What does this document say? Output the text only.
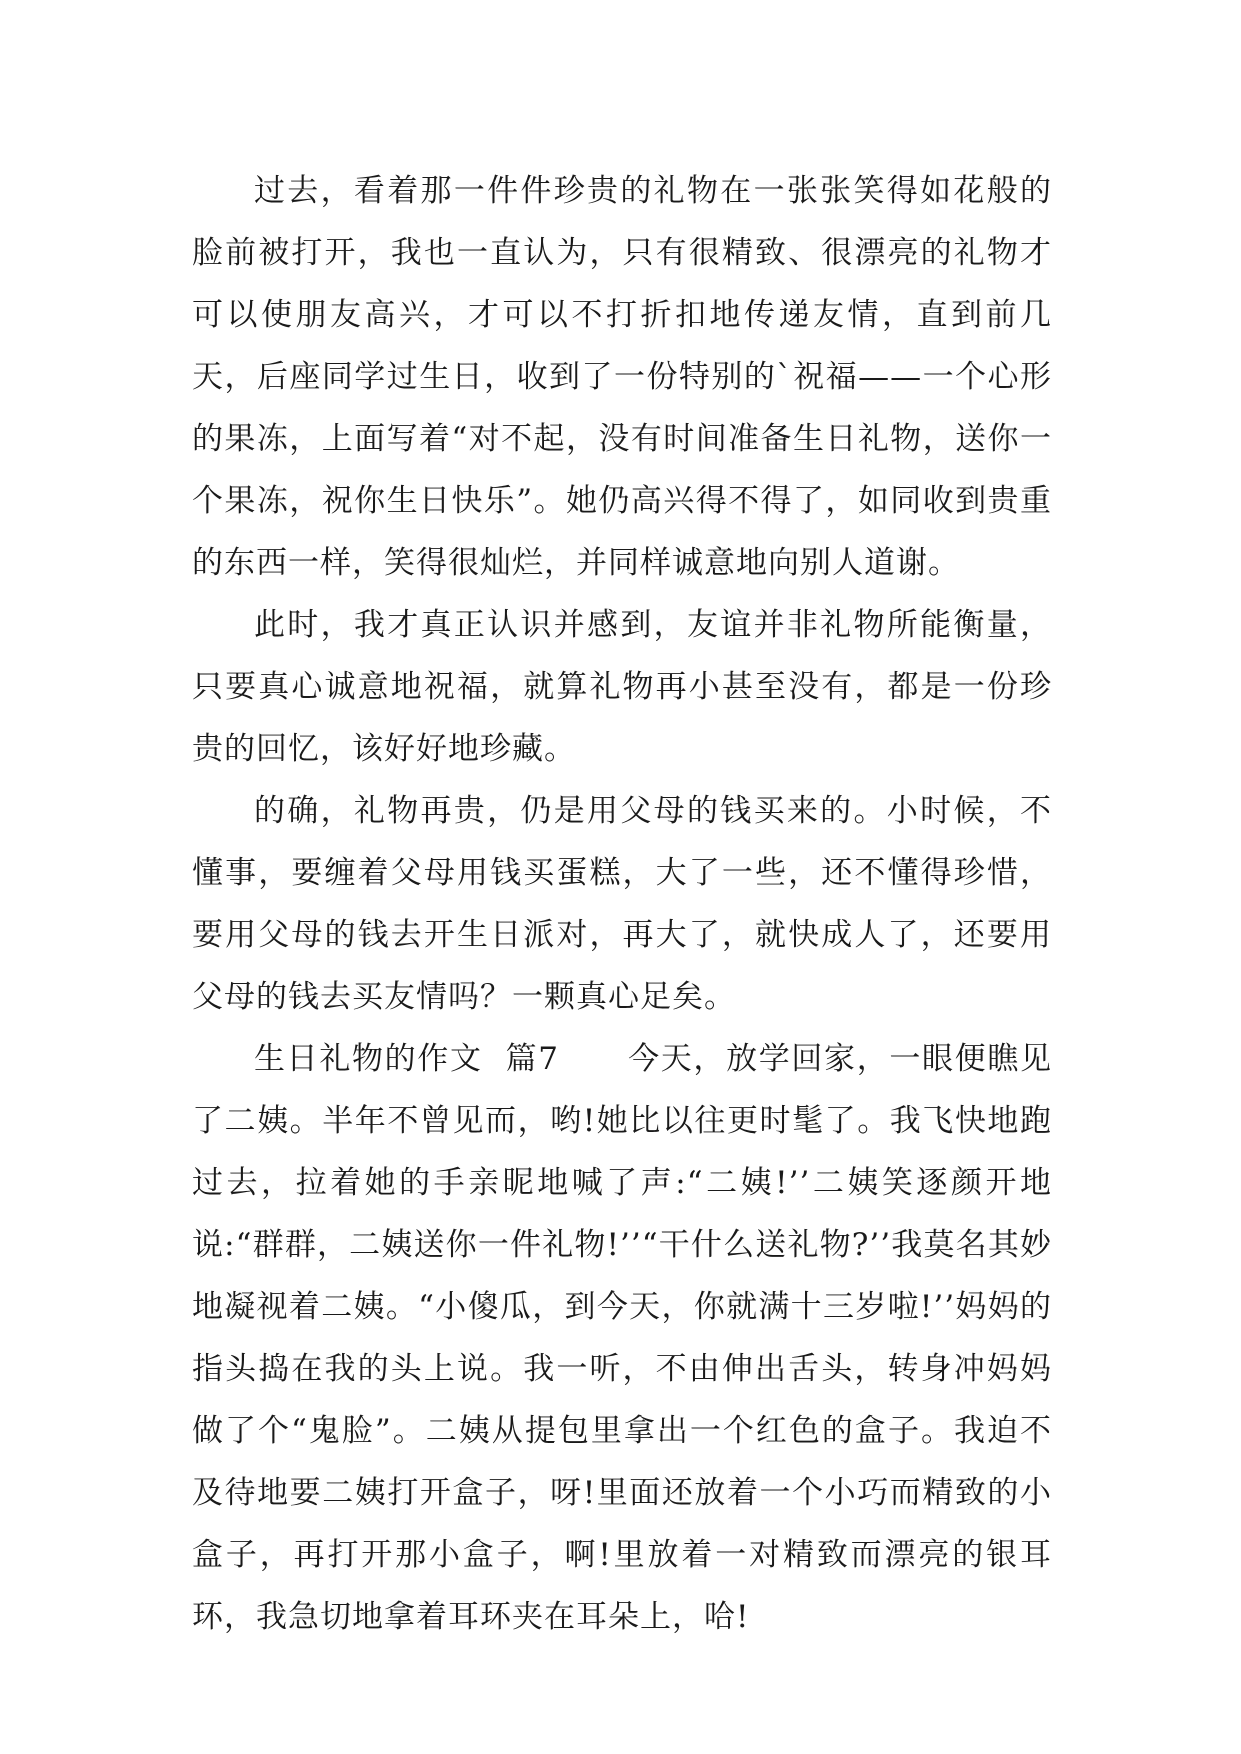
过去，看着那一件件珍贵的礼物在一张张笑得如花般的脸前被打开，我也一直认为，只有很精致、很漂亮的礼物才可以使朋友高兴，才可以不打折扣地传递友情，直到前几天，后座同学过生日，收到了一份特别的`祝福——一个心形的果冻，上面写着“对不起，没有时间准备生日礼物，送你一个果冻，祝你生日快乐”。她仍高兴得不得了，如同收到贵重的东西一样，笑得很灿烂，并同样诚意地向别人道谢。

此时，我才真正认识并感到，友谊并非礼物所能衡量，只要真心诚意地祝福，就算礼物再小甚至没有，都是一份珍贵的回忆，该好好地珍藏。

的确，礼物再贵，仍是用父母的钱买来的。小时候，不懂事，要缠着父母用钱买蛋糕，大了一些，还不懂得珍惜，要用父母的钱去开生日派对，再大了，就快成人了，还要用父母的钱去买友情吗？一颗真心足矣。

生日礼物的作文  篇7      今天，放学回家，一眼便瞧见了二姨。半年不曾见而，哟!她比以往更时髦了。我飞快地跑过去，拉着她的手亲昵地喊了声:“二姨!’’二姨笑逐颜开地说:“群群，二姨送你一件礼物!’’“干什么送礼物?’’我莫名其妙地凝视着二姨。“小傻瓜，到今天，你就满十三岁啦!’’妈妈的指头捣在我的头上说。我一听，不由伸出舌头，转身冲妈妈做了个“鬼脸”。二姨从提包里拿出一个红色的盒子。我迫不及待地要二姨打开盒子，呀!里面还放着一个小巧而精致的小盒子，再打开那小盒子，啊!里放着一对精致而漂亮的银耳环，我急切地拿着耳环夹在耳朵上，哈!
